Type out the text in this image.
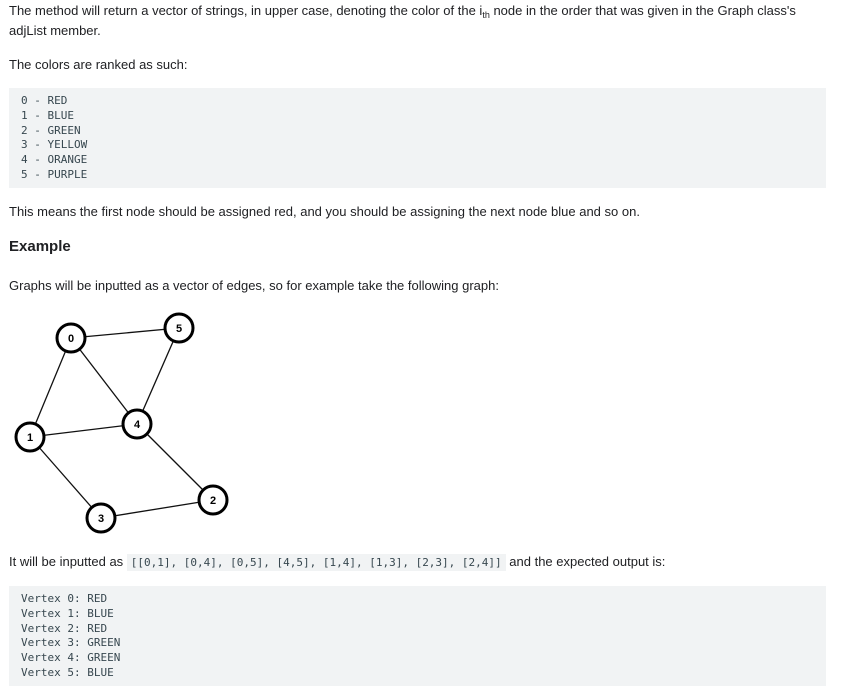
The method will return a vector of strings, in upper case, denoting the color of the $i_{th}$ node in the order that was given in the Graph class's adjList member.

The colors are ranked as such:

0 - RED
1 - BLUE
2 - GREEN
3 - YELLOW
4 - ORANGE
5 - PURPLE

This means the first node should be assigned red, and you should be assigning the next node blue and so on.

Example

Graphs will be inputted as a vector of edges, so for example take the following graph:

0
1
2
3
4
5

It will be inputted as [[0,1], [0,4], [0,5], [4,5], [1,4], [1,3], [2,3], [2,4]] and the expected output is:

Vertex 0: RED
Vertex 1: BLUE
Vertex 2: RED
Vertex 3: GREEN
Vertex 4: GREEN
Vertex 5: BLUE
